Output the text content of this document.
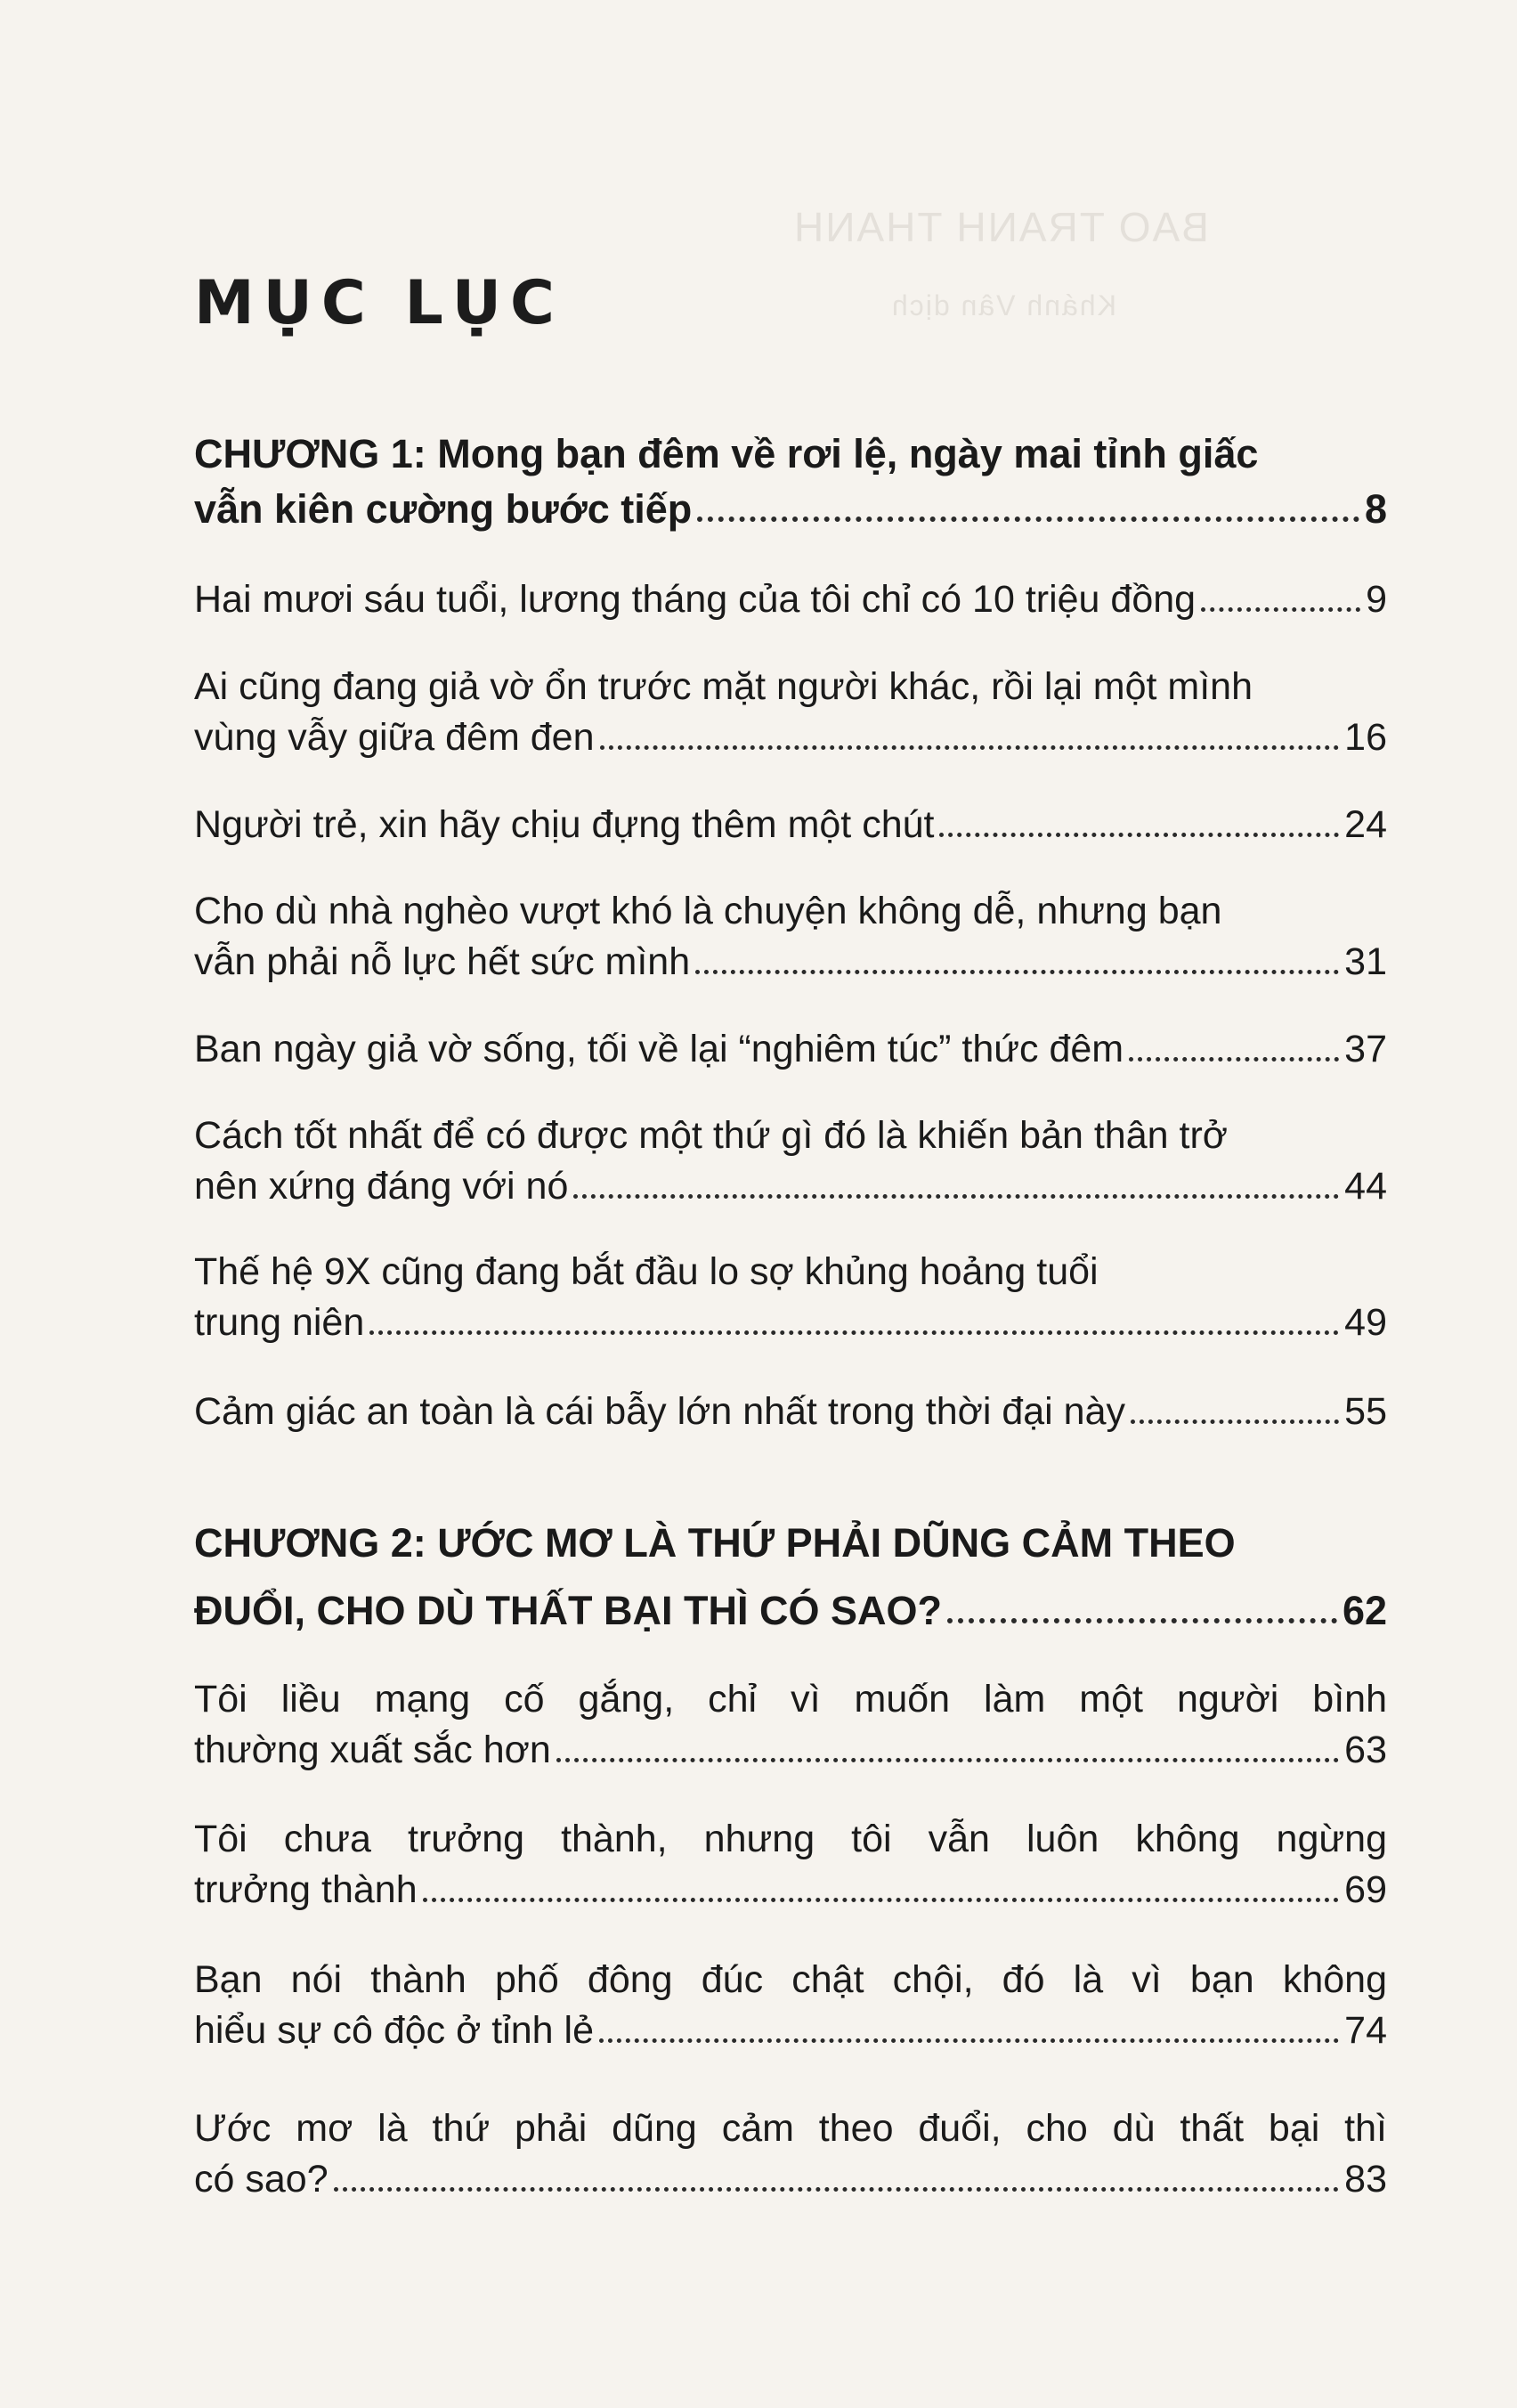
BAO TRANH THANH
Khánh Vân dịch
MỤC LỤC
CHƯƠNG 1: Mong bạn đêm về rơi lệ, ngày mai tỉnh giấc
vẫn kiên cường bước tiếp	8
Hai mươi sáu tuổi, lương tháng của tôi chỉ có 10 triệu đồng	9
Ai cũng đang giả vờ ổn trước mặt người khác, rồi lại một mình
vùng vẫy giữa đêm đen	16
Người trẻ, xin hãy chịu đựng thêm một chút	24
Cho dù nhà nghèo vượt khó là chuyện không dễ, nhưng bạn
vẫn phải nỗ lực hết sức mình	31
Ban ngày giả vờ sống, tối về lại “nghiêm túc” thức đêm	37
Cách tốt nhất để có được một thứ gì đó là khiến bản thân trở
nên xứng đáng với nó	44
Thế hệ 9X cũng đang bắt đầu lo sợ khủng hoảng tuổi
trung niên	49
Cảm giác an toàn là cái bẫy lớn nhất trong thời đại này	55
CHƯƠNG 2: ƯỚC MƠ LÀ THỨ PHẢI DŨNG CẢM THEO
ĐUỔI, CHO DÙ THẤT BẠI THÌ CÓ SAO?	62
Tôi liều mạng cố gắng, chỉ vì muốn làm một người bình
thường xuất sắc hơn	63
Tôi chưa trưởng thành, nhưng tôi vẫn luôn không ngừng
trưởng thành	69
Bạn nói thành phố đông đúc chật chội, đó là vì bạn không
hiểu sự cô độc ở tỉnh lẻ	74
Ước mơ là thứ phải dũng cảm theo đuổi, cho dù thất bại thì
có sao?	83
